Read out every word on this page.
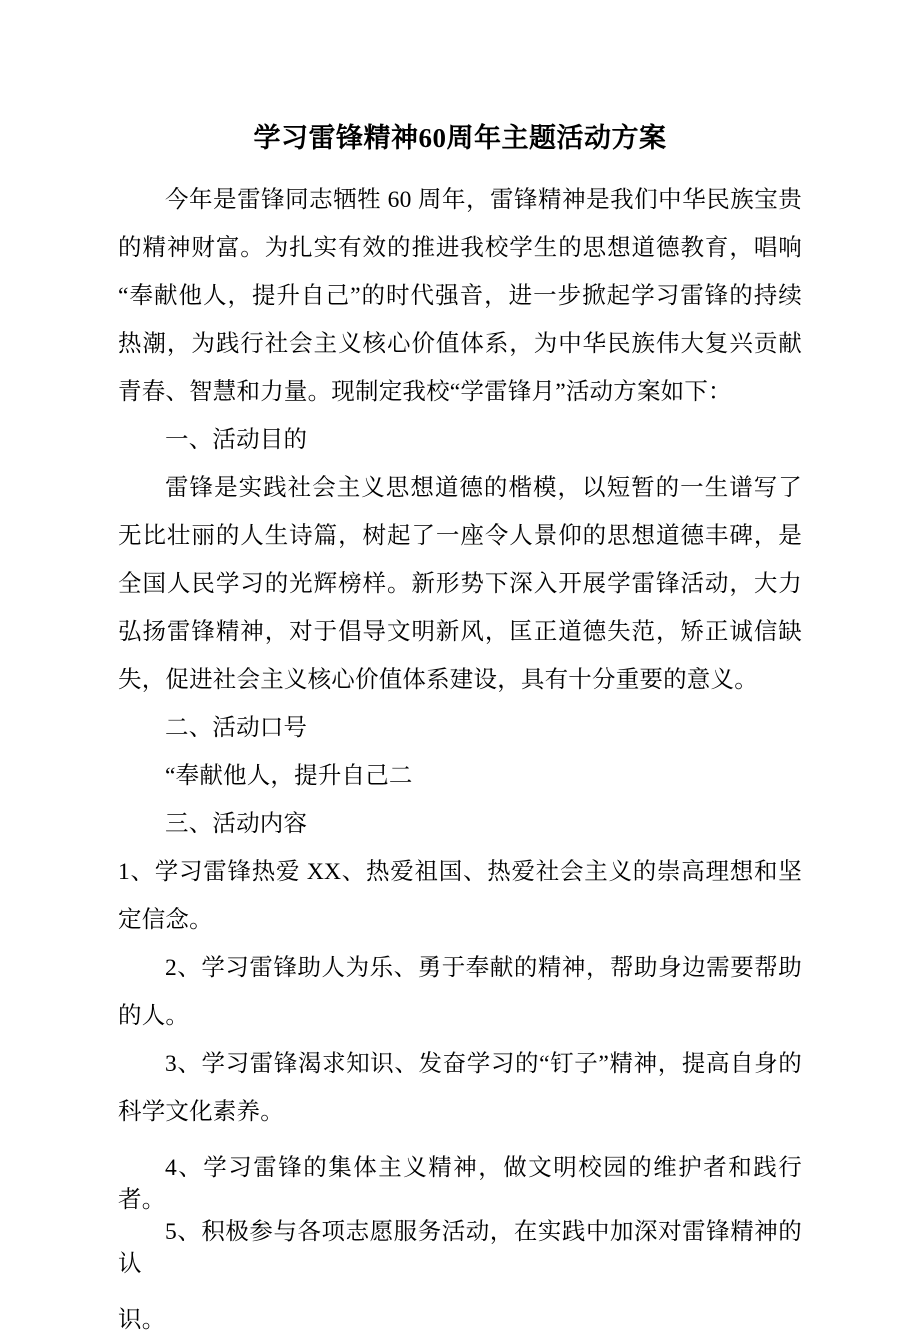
学习雷锋精神60周年主题活动方案

今年是雷锋同志牺牲 60 周年，雷锋精神是我们中华民族宝贵的精神财富。为扎实有效的推进我校学生的思想道德教育，唱响“奉献他人，提升自己”的时代强音，进一步掀起学习雷锋的持续热潮，为践行社会主义核心价值体系，为中华民族伟大复兴贡献青春、智慧和力量。现制定我校“学雷锋月”活动方案如下：

一、活动目的

雷锋是实践社会主义思想道德的楷模，以短暂的一生谱写了无比壮丽的人生诗篇，树起了一座令人景仰的思想道德丰碑，是全国人民学习的光辉榜样。新形势下深入开展学雷锋活动，大力弘扬雷锋精神，对于倡导文明新风，匡正道德失范，矫正诚信缺失，促进社会主义核心价值体系建设，具有十分重要的意义。

二、活动口号

“奉献他人，提升自己二

三、活动内容

1、学习雷锋热爱 XX、热爱祖国、热爱社会主义的崇高理想和坚定信念。

2、学习雷锋助人为乐、勇于奉献的精神，帮助身边需要帮助的人。

3、学习雷锋渴求知识、发奋学习的“钉子”精神，提高自身的科学文化素养。

4、学习雷锋的集体主义精神，做文明校园的维护者和践行者。

5、积极参与各项志愿服务活动，在实践中加深对雷锋精神的认

识。
